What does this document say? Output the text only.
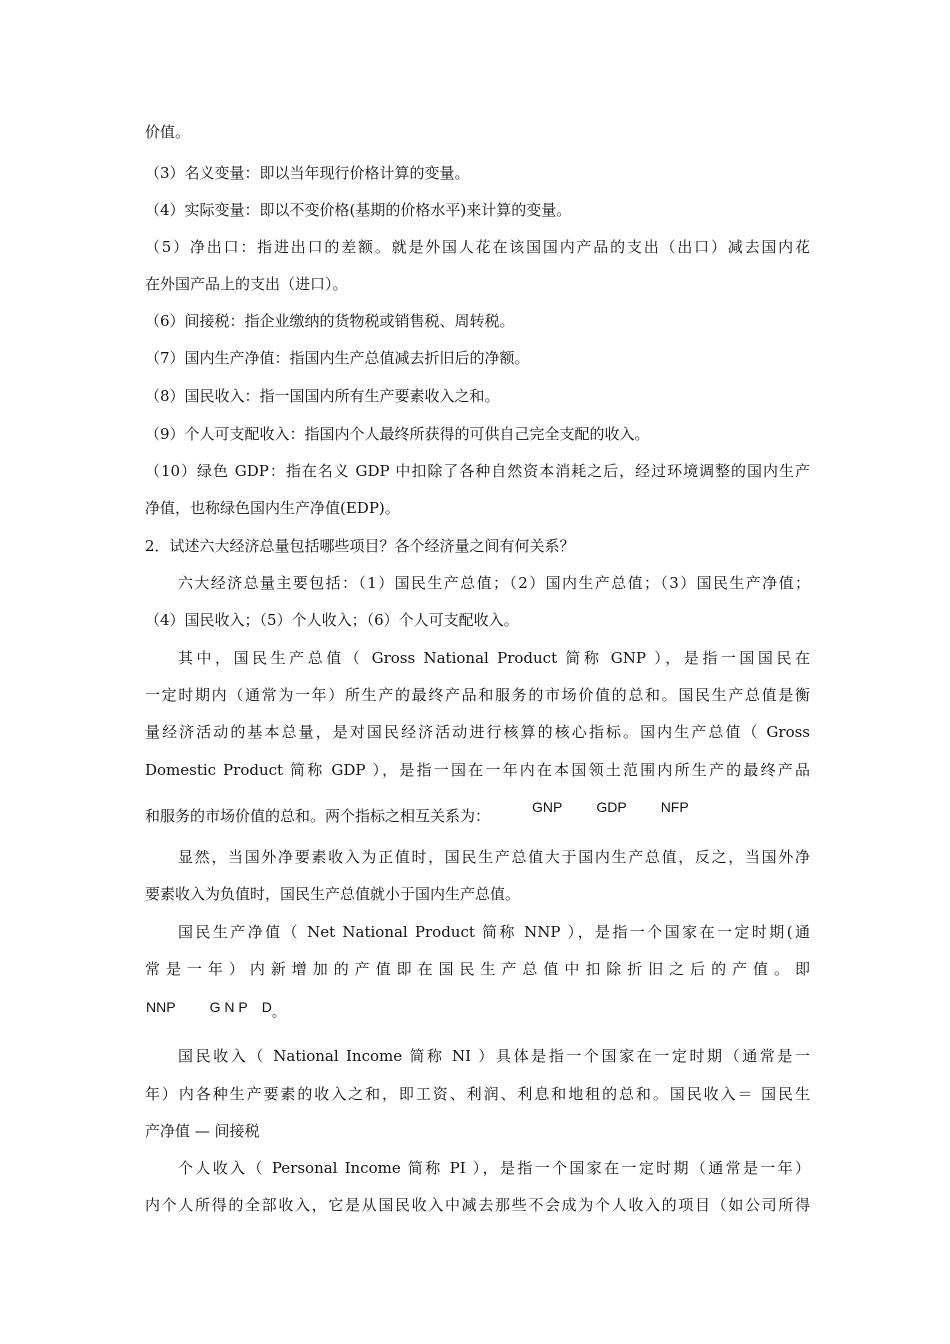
价值。
（3）名义变量：即以当年现行价格计算的变量。
（4）实际变量：即以不变价格(基期的价格水平)来计算的变量。
（5）净出口：指进出口的差额。就是外国人花在该国国内产品的支出（出口）减去国内花
在外国产品上的支出（进口）。
（6）间接税：指企业缴纳的货物税或销售税、周转税。
（7）国内生产净值：指国内生产总值减去折旧后的净额。
（8）国民收入：指一国国内所有生产要素收入之和。
（9）个人可支配收入：指国内个人最终所获得的可供自己完全支配的收入。
（10）绿色 GDP：指在名义 GDP 中扣除了各种自然资本消耗之后，经过环境调整的国内生产
净值，也称绿色国内生产净值(EDP)。
2．试述六大经济总量包括哪些项目？各个经济量之间有何关系？
六大经济总量主要包括：（1）国民生产总值；（2）国内生产总值；（3）国民生产净值；
（4）国民收入；（5）个人收入；（6）个人可支配收入。
其中，国民生产总值（ Gross National Product 简称 GNP ），是指一国国民在
一定时期内（通常为一年）所生产的最终产品和服务的市场价值的总和。国民生产总值是衡
量经济活动的基本总量，是对国民经济活动进行核算的核心指标。国内生产总值（ Gross
Domestic Product 简称 GDP ），是指一国在一年内在本国领土范围内所生产的最终产品
和服务的市场价值的总和。两个指标之相互关系为：	GNP GDP NFP
显然，当国外净要素收入为正值时，国民生产总值大于国内生产总值，反之，当国外净
要素收入为负值时，国民生产总值就小于国内生产总值。
国民生产净值（ Net National Product 简称 NNP ），是指一个国家在一定时期(通
常是一年）内新增加的产值即在国民生产总值中扣除折旧之后的产值。即
NNP G N P D。
国民收入（ National Income 简称 NI ）具体是指一个国家在一定时期（通常是一
年）内各种生产要素的收入之和，即工资、利润、利息和地租的总和。国民收入＝ 国民生
产净值 — 间接税
个人收入（ Personal Income 简称 PI ），是指一个国家在一定时期（通常是一年）
内个人所得的全部收入，它是从国民收入中减去那些不会成为个人收入的项目（如公司所得
